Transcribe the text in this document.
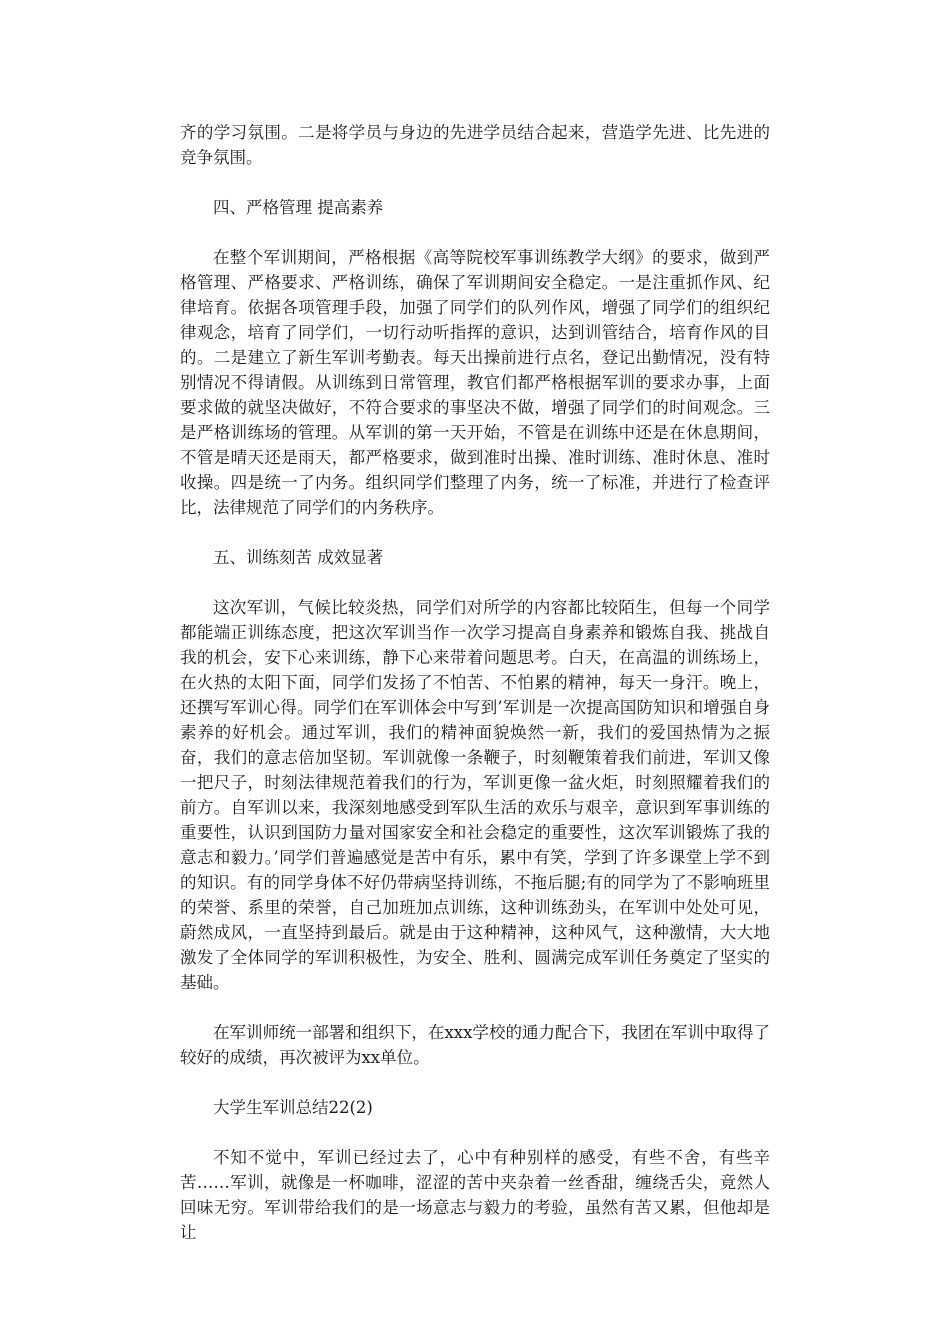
齐的学习氛围。二是将学员与身边的先进学员结合起来，营造学先进、比先进的竞争氛围。

四、严格管理 提高素养

在整个军训期间，严格根据《高等院校军事训练教学大纲》的要求，做到严格管理、严格要求、严格训练，确保了军训期间安全稳定。一是注重抓作风、纪律培育。依据各项管理手段，加强了同学们的队列作风，增强了同学们的组织纪律观念，培育了同学们，一切行动听指挥的意识，达到训管结合，培育作风的目的。二是建立了新生军训考勤表。每天出操前进行点名，登记出勤情况，没有特别情况不得请假。从训练到日常管理，教官们都严格根据军训的要求办事，上面要求做的就坚决做好，不符合要求的事坚决不做，增强了同学们的时间观念。三是严格训练场的管理。从军训的第一天开始，不管是在训练中还是在休息期间，不管是晴天还是雨天，都严格要求，做到准时出操、准时训练、准时休息、准时收操。四是统一了内务。组织同学们整理了内务，统一了标准，并进行了检查评比，法律规范了同学们的内务秩序。

五、训练刻苦 成效显著

这次军训，气候比较炎热，同学们对所学的内容都比较陌生，但每一个同学都能端正训练态度，把这次军训当作一次学习提高自身素养和锻炼自我、挑战自我的机会，安下心来训练，静下心来带着问题思考。白天，在高温的训练场上，在火热的太阳下面，同学们发扬了不怕苦、不怕累的精神，每天一身汗。晚上，还撰写军训心得。同学们在军训体会中写到’军训是一次提高国防知识和增强自身素养的好机会。通过军训，我们的精神面貌焕然一新，我们的爱国热情为之振奋，我们的意志倍加坚韧。军训就像一条鞭子，时刻鞭策着我们前进，军训又像一把尺子，时刻法律规范着我们的行为，军训更像一盆火炬，时刻照耀着我们的前方。自军训以来，我深刻地感受到军队生活的欢乐与艰辛，意识到军事训练的重要性，认识到国防力量对国家安全和社会稳定的重要性，这次军训锻炼了我的意志和毅力。’同学们普遍感觉是苦中有乐，累中有笑，学到了许多课堂上学不到的知识。有的同学身体不好仍带病坚持训练，不拖后腿;有的同学为了不影响班里的荣誉、系里的荣誉，自己加班加点训练，这种训练劲头，在军训中处处可见，蔚然成风，一直坚持到最后。就是由于这种精神，这种风气，这种激情，大大地激发了全体同学的军训积极性，为安全、胜利、圆满完成军训任务奠定了坚实的基础。

在军训师统一部署和组织下，在xxx学校的通力配合下，我团在军训中取得了较好的成绩，再次被评为xx单位。

大学生军训总结22(2)

不知不觉中，军训已经过去了，心中有种别样的感受，有些不舍，有些辛苦……军训，就像是一杯咖啡，涩涩的苦中夹杂着一丝香甜，缠绕舌尖，竟然人回味无穷。军训带给我们的是一场意志与毅力的考验，虽然有苦又累，但他却是让
